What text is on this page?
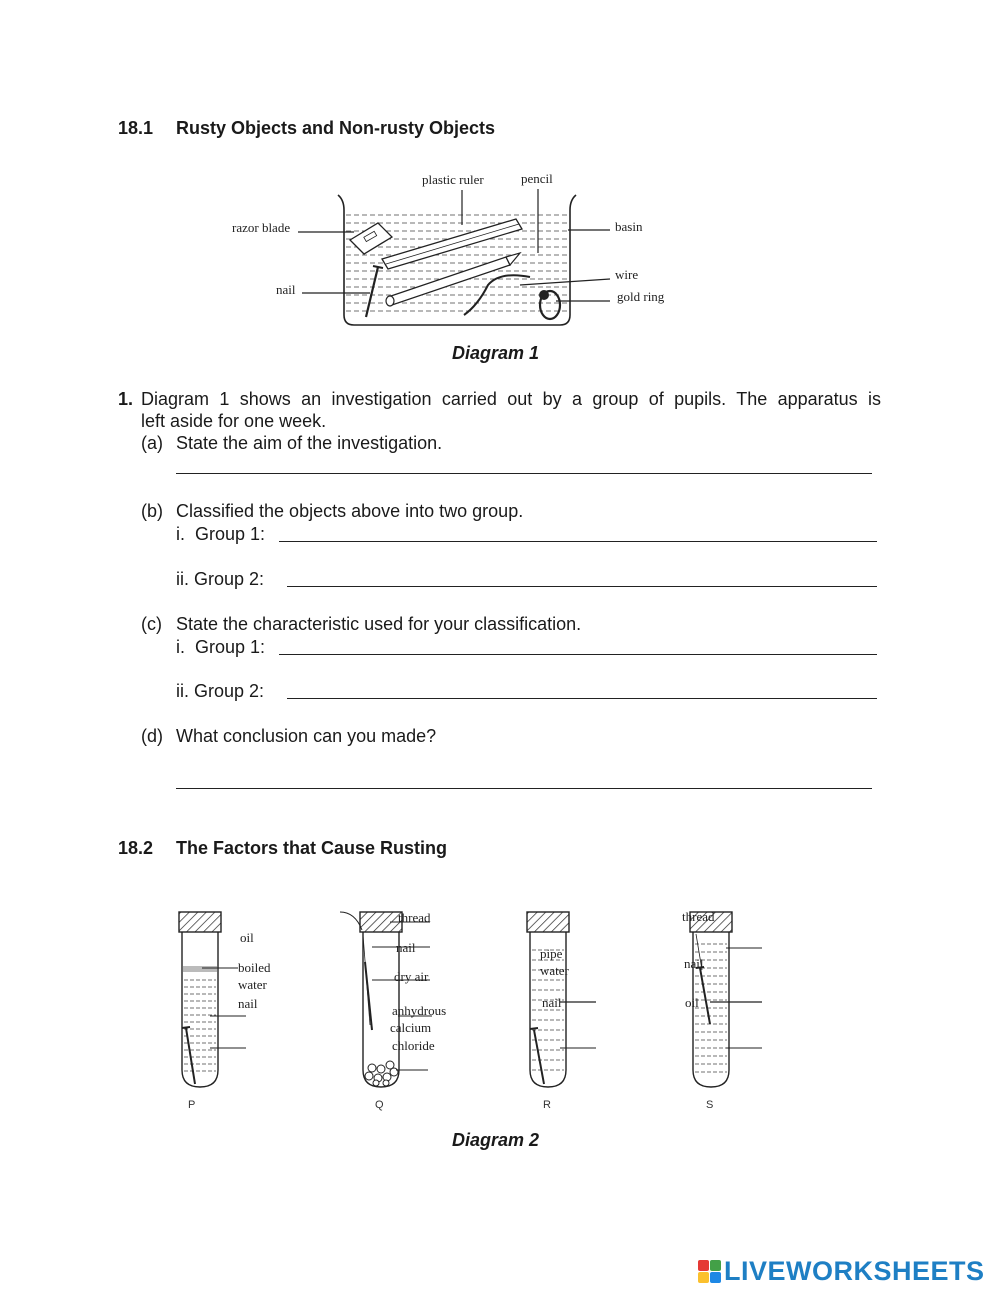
18.1 Rusty Objects and Non-rusty Objects
plastic ruler	pencil
razor blade	basin
nail
wire
gold ring
Diagram 1
1. Diagram 1 shows an investigation carried out by a group of pupils. The apparatus is
left aside for one week.
(a) State the aim of the investigation.
(b) Classified the objects above into two group.
i.  Group 1:
ii. Group 2:
(c) State the characteristic used for your classification.
i.  Group 1:
ii. Group 2:
(d) What conclusion can you made?
18.2 The Factors that Cause Rusting
oil
boiled
water
nail
P
thread
nail
dry air
anhydrous
calcium
chloride
Q
pipe
water
nail
R
thread
nail
oil
S
Diagram 2
LIVEWORKSHEETS
